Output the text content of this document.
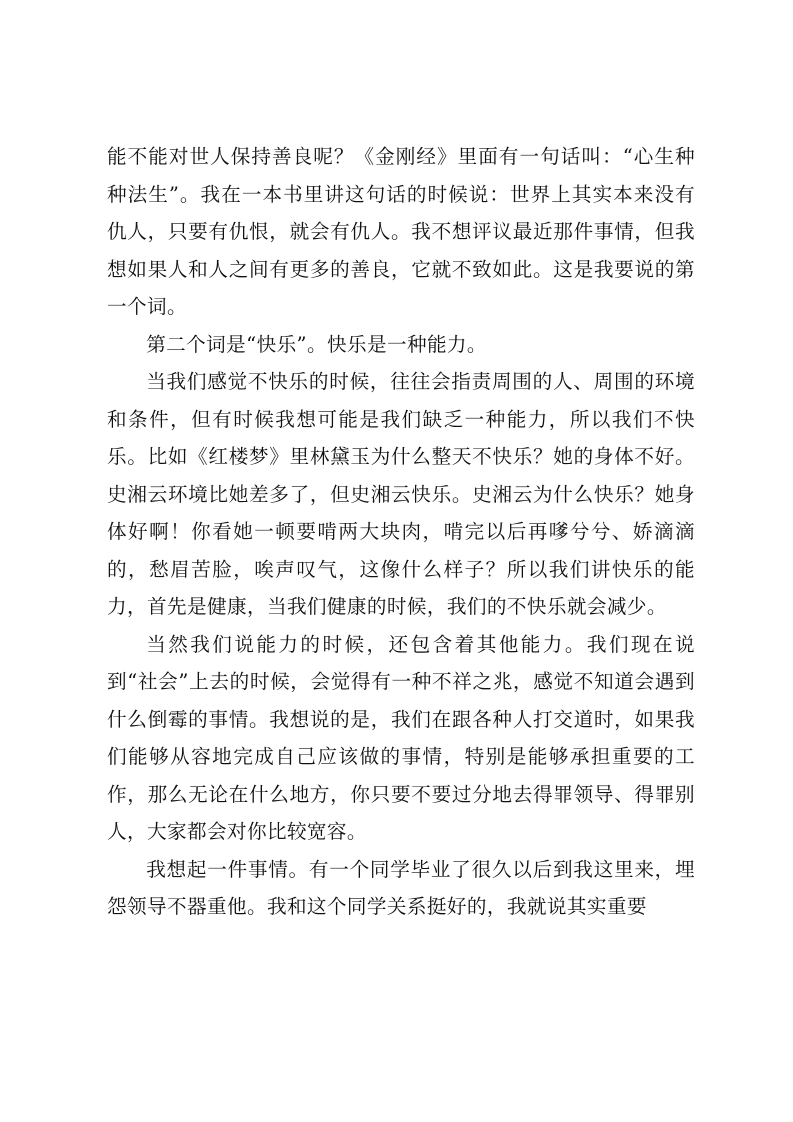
能不能对世人保持善良呢？《金刚经》里面有一句话叫：“心生种种法生”。我在一本书里讲这句话的时候说：世界上其实本来没有仇人，只要有仇恨，就会有仇人。我不想评议最近那件事情，但我想如果人和人之间有更多的善良，它就不致如此。这是我要说的第一个词。

第二个词是“快乐”。快乐是一种能力。

当我们感觉不快乐的时候，往往会指责周围的人、周围的环境和条件，但有时候我想可能是我们缺乏一种能力，所以我们不快乐。比如《红楼梦》里林黛玉为什么整天不快乐？她的身体不好。史湘云环境比她差多了，但史湘云快乐。史湘云为什么快乐？她身体好啊！你看她一顿要啃两大块肉，啃完以后再嗲兮兮、娇滴滴的，愁眉苦脸，唉声叹气，这像什么样子？所以我们讲快乐的能力，首先是健康，当我们健康的时候，我们的不快乐就会减少。

当然我们说能力的时候，还包含着其他能力。我们现在说到“社会”上去的时候，会觉得有一种不祥之兆，感觉不知道会遇到什么倒霉的事情。我想说的是，我们在跟各种人打交道时，如果我们能够从容地完成自己应该做的事情，特别是能够承担重要的工作，那么无论在什么地方，你只要不要过分地去得罪领导、得罪别人，大家都会对你比较宽容。

我想起一件事情。有一个同学毕业了很久以后到我这里来，埋怨领导不器重他。我和这个同学关系挺好的，我就说其实重要
